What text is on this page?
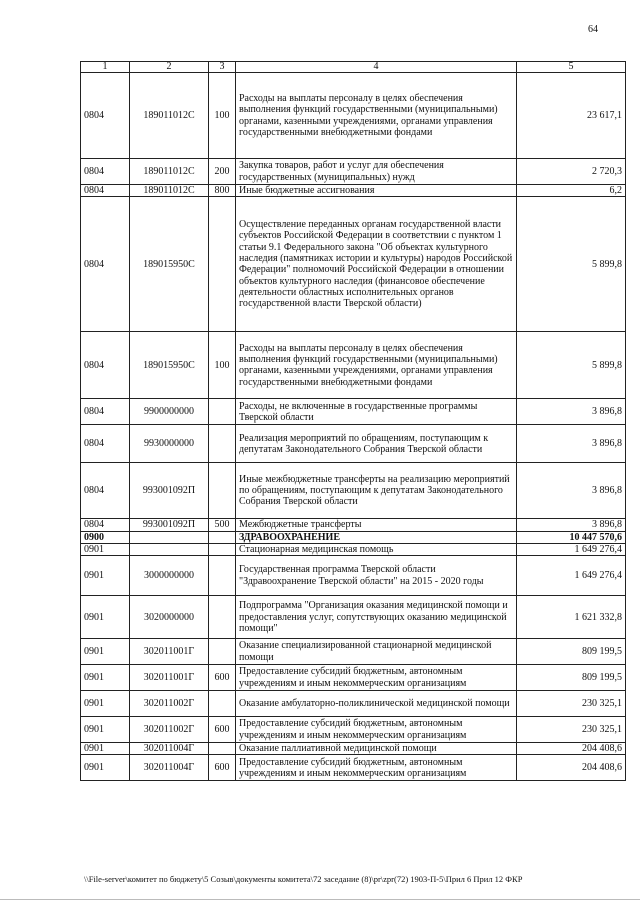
64
1	2	3	4	5
0804	189011012С	100	Расходы на выплаты персоналу в целях обеспечения выполнения функций государственными (муниципальными) органами, казенными учреждениями, органами управления государственными внебюджетными фондами	23 617,1
0804	189011012С	200	Закупка товаров, работ и услуг для обеспечения государственных (муниципальных) нужд	2 720,3
0804	189011012С	800	Иные бюджетные ассигнования	6,2
0804	189015950С		Осуществление переданных органам государственной власти субъектов Российской Федерации в соответствии с пунктом 1 статьи 9.1 Федерального закона "Об объектах культурного наследия (памятниках истории и культуры) народов Российской Федерации" полномочий Российской Федерации в отношении объектов культурного наследия (финансовое обеспечение деятельности областных исполнительных органов государственной власти Тверской области)	5 899,8
0804	189015950С	100	Расходы на выплаты персоналу в целях обеспечения выполнения функций государственными (муниципальными) органами, казенными учреждениями, органами управления государственными внебюджетными фондами	5 899,8
0804	9900000000		Расходы, не включенные в государственные программы Тверской области	3 896,8
0804	9930000000		Реализация мероприятий по обращениям, поступающим к депутатам Законодательного Собрания Тверской области	3 896,8
0804	993001092П		Иные межбюджетные трансферты на реализацию мероприятий по обращениям, поступающим к депутатам Законодательного Собрания Тверской области	3 896,8
0804	993001092П	500	Межбюджетные трансферты	3 896,8
0900			ЗДРАВООХРАНЕНИЕ	10 447 570,6
0901			Стационарная медицинская помощь	1 649 276,4
0901	3000000000		Государственная программа Тверской области "Здравоохранение Тверской области" на 2015 - 2020 годы	1 649 276,4
0901	3020000000		Подпрограмма "Организация оказания медицинской помощи и предоставления услуг, сопутствующих оказанию медицинской помощи"	1 621 332,8
0901	302011001Г		Оказание специализированной стационарной медицинской помощи	809 199,5
0901	302011001Г	600	Предоставление субсидий бюджетным, автономным учреждениям и иным некоммерческим организациям	809 199,5
0901	302011002Г		Оказание амбулаторно-поликлинической медицинской помощи	230 325,1
0901	302011002Г	600	Предоставление субсидий бюджетным, автономным учреждениям и иным некоммерческим организациям	230 325,1
0901	302011004Г		Оказание паллиативной медицинской помощи	204 408,6
0901	302011004Г	600	Предоставление субсидий бюджетным, автономным учреждениям и иным некоммерческим организациям	204 408,6
\\File-server\комитет по бюджету\5 Созыв\документы комитета\72 заседание (8)\pr\zpr(72) 1903-П-5\Прил 6 Прил 12 ФКР
